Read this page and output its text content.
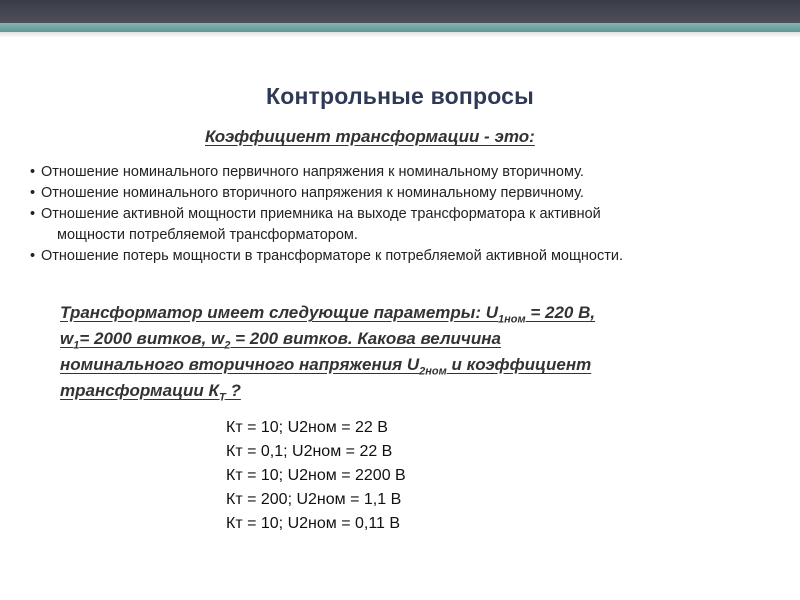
Контрольные вопросы
Коэффициент трансформации - это:
• Отношение номинального первичного напряжения к номинальному вторичному.
• Отношение номинального вторичного напряжения к номинальному первичному.
• Отношение активной мощности приемника на выходе трансформатора к активной
мощности потребляемой трансформатором.
• Отношение потерь мощности в трансформаторе к потребляемой активной мощности.
Трансформатор имеет следующие параметры: $U_{1ном} = 220$ В,
$w_1= 2000$ витков, $w_2 = 200$ витков. Какова величина
номинального вторичного напряжения $U_{2ном}$ и коэффициент
трансформации $К_Т$ ?
Кт = 10; U2ном = 22 В
Кт = 0,1; U2ном = 22 В
Кт = 10; U2ном = 2200 В
Кт = 200; U2ном = 1,1 В
Кт = 10; U2ном = 0,11 В
